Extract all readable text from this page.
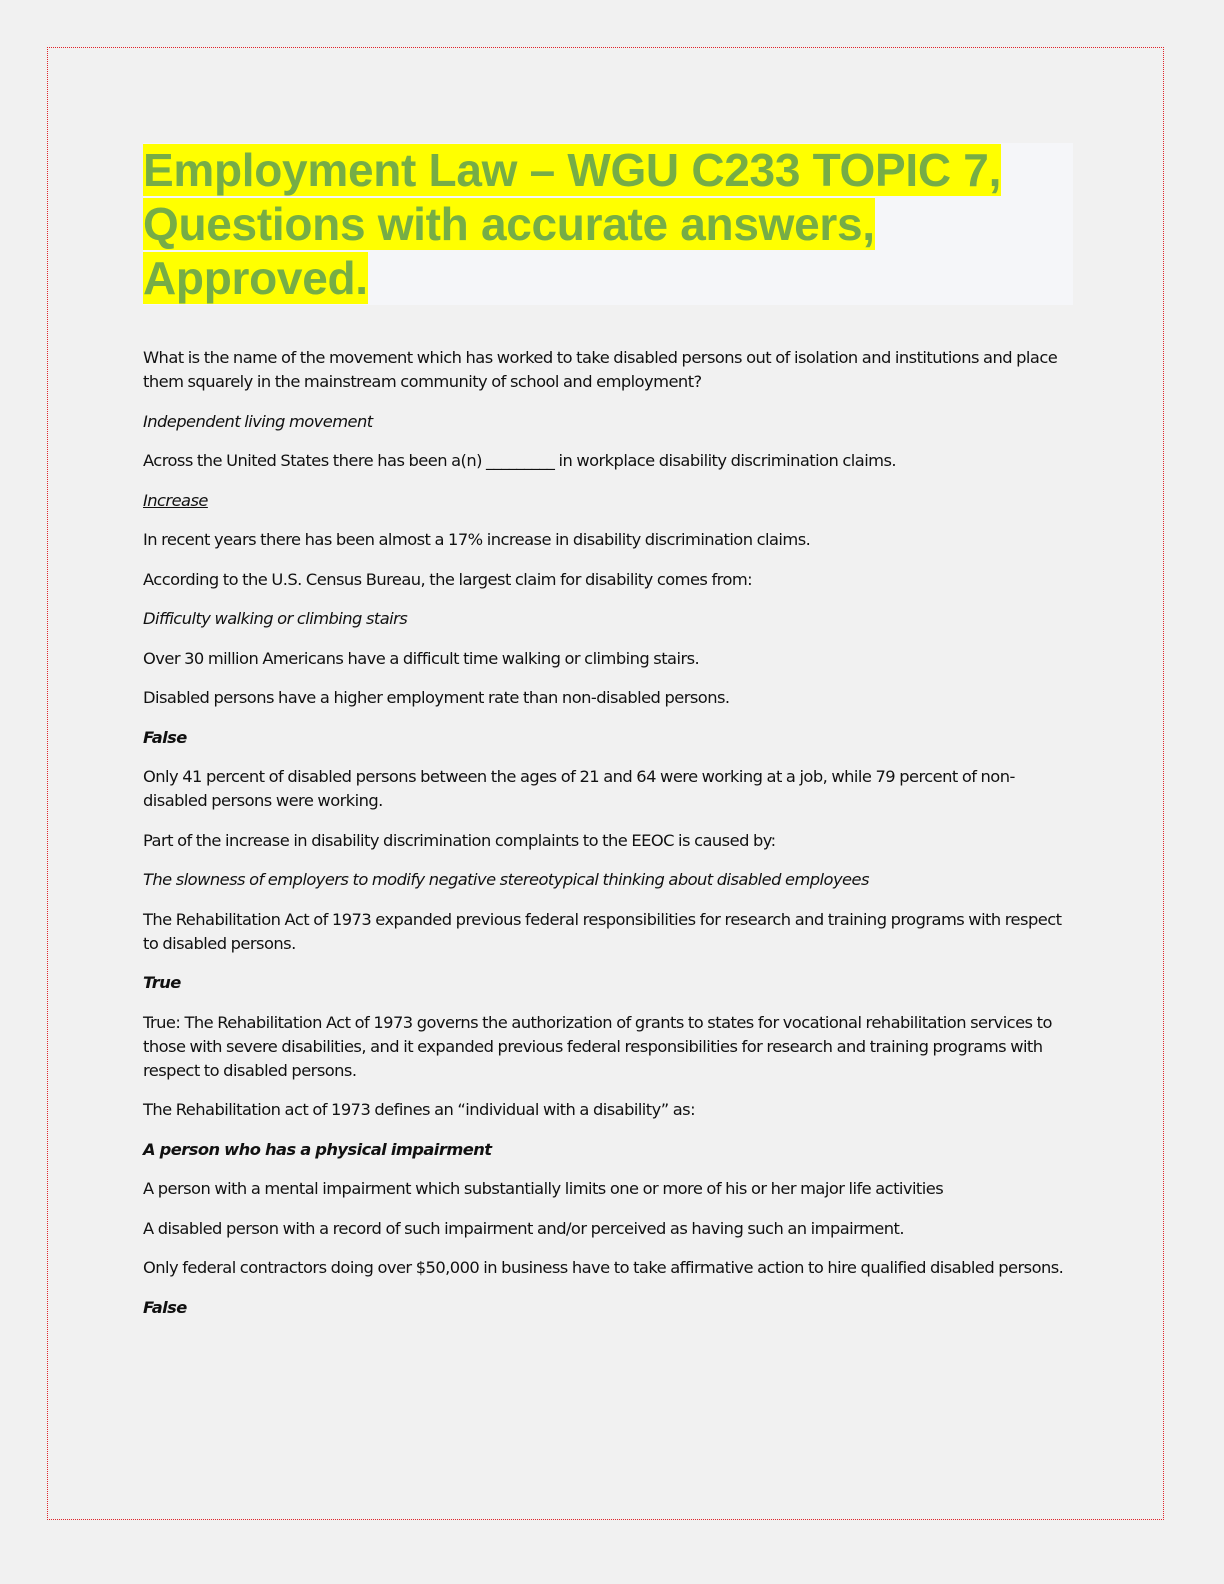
Employment Law – WGU C233 TOPIC 7, Questions with accurate answers, Approved.

What is the name of the movement which has worked to take disabled persons out of isolation and institutions and place them squarely in the mainstream community of school and employment?

Independent living movement

Across the United States there has been a(n) _________ in workplace disability discrimination claims.

Increase

In recent years there has been almost a 17% increase in disability discrimination claims.

According to the U.S. Census Bureau, the largest claim for disability comes from:

Difficulty walking or climbing stairs

Over 30 million Americans have a difficult time walking or climbing stairs.

Disabled persons have a higher employment rate than non-disabled persons.

False

Only 41 percent of disabled persons between the ages of 21 and 64 were working at a job, while 79 percent of non-disabled persons were working.

Part of the increase in disability discrimination complaints to the EEOC is caused by:

The slowness of employers to modify negative stereotypical thinking about disabled employees

The Rehabilitation Act of 1973 expanded previous federal responsibilities for research and training programs with respect to disabled persons.

True

True: The Rehabilitation Act of 1973 governs the authorization of grants to states for vocational rehabilitation services to those with severe disabilities, and it expanded previous federal responsibilities for research and training programs with respect to disabled persons.

The Rehabilitation act of 1973 defines an “individual with a disability” as:

A person who has a physical impairment

A person with a mental impairment which substantially limits one or more of his or her major life activities

A disabled person with a record of such impairment and/or perceived as having such an impairment.

Only federal contractors doing over $50,000 in business have to take affirmative action to hire qualified disabled persons.

False
